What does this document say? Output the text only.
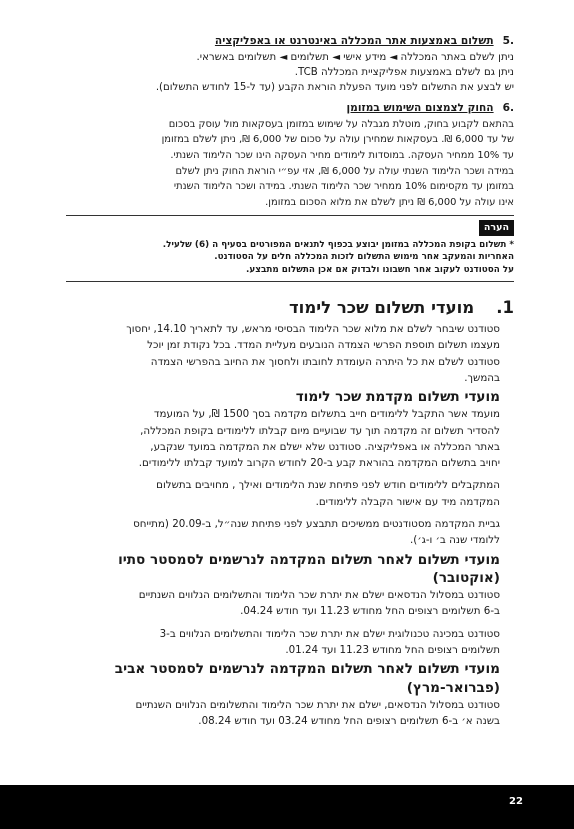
.5
תשלום באמצעות אתר המכללה באינטרנט או באפליקציה

ניתן לשלם באתר המכללה ◄ מידע אישי ◄ תשלומים ◄ תשלומים באשראי.

ניתן גם לשלם באמצעות אפליקציית המכללה TCB.

יש לבצע את התשלום לפני מועד הפעלת הוראת הקבע (עד ל-15 לחודש התשלום).

.6
החוק לצמצום השימוש במזומן

בהתאם לקבוע בחוק, מוטלת מגבלה על שימוש במזומן בעסקאות מול עוסק בסכום

של עד 6,000 ₪. בעסקאות שמחירן עולה על סכום של 6,000 ₪, ניתן לשלם במזומן

עד 10% ממחיר העסקה. במוסדות לימודים מחיר העסקה הינו שכר הלימוד השנתי.

במידה ושכר הלימוד השנתי עולה על 6,000 ₪, אזי עפ״י הוראת החוק ניתן לשלם

במזומן עד מקסימום 10% ממחיר שכר הלימוד השנתי. במידה ושכר הלימוד השנתי

אינו עולה על 6,000 ₪ ניתן לשלם את מלוא הסכום במזומן.

הערה

* תשלום בקופת המכללה במזומן יבוצע בכפוף לתנאים המפורטים בסעיף ה (6) שלעיל.

האחריות והמעקב אחר מימוש התשלום לזכות המכללה חלים על הסטודנט.

על הסטודנט לעקוב אחר חשבונו ולבדוק אם אכן התשלום מתבצע.

1.
מועדי תשלום שכר לימוד

סטודנט שיבחר לשלם את מלוא שכר הלימוד הבסיסי מראש, עד לתאריך 14.10, יחסוך

מעצמו תשלום תוספת הפרשי הצמדה הנובעים מעליית המדד. בכל נקודת זמן יוכל

סטודנט לשלם את כל היתרה העומדת לחובתו ולחסוך את החיוב בהפרשי הצמדה

בהמשך.

מועדי תשלום מקדמת שכר לימוד

מועמד אשר התקבל ללימודים חייב בתשלום מקדמה בסך 1500 ₪, על המועמד

להסדיר תשלום זה מקדמה תוך עד שבועיים מיום קבלתו ללימודים בקופת המכללה,

באתר המכללה או באפליקציה. סטודנט שלא ישלם את המקדמה במועד שנקבע,

יחויב בתשלום המקדמה בהוראת קבע ב-20 לחודש הקרוב למועד קבלתו ללימודים.

המתקבלים ללימודים חודש לפני פתיחת שנת הלימודים ואילך , מחויבים בתשלום

המקדמה מיד עם אישור הקבלה ללימודים.

גביית המקדמה מסטודנטים ממשיכים תתבצע לפני פתיחת שנה״ל, ב-20.09 (מתייחס

ללומדי שנה ב׳ ו-ג׳).

מועדי תשלום לאחר תשלום המקדמה לנרשמים לסמסטר סתיו (אוקטובר)

סטודנט במסלול הנדסאים ישלם את יתרת שכר הלימוד והתשלומים הנלווים השנתיים

ב-6 תשלומים רצופים החל מחודש 11.23 ועד חודש 04.24.

סטודנט במכינה טכנולוגית ישלם את יתרת שכר הלימוד והתשלומים הנלווים ב-3

תשלומים רצופים החל מחודש 11.23 ועד 01.24.

מועדי תשלום לאחר תשלום המקדמה לנרשמים לסמסטר אביב (פברואר-מרץ)

סטודנט במסלול הנדסאים, ישלם את יתרת שכר הלימוד והתשלומים הנלווים השנתיים

בשנה א׳ ב-6 תשלומים רצופים החל מחודש 03.24 ועד חודש 08.24.

22
